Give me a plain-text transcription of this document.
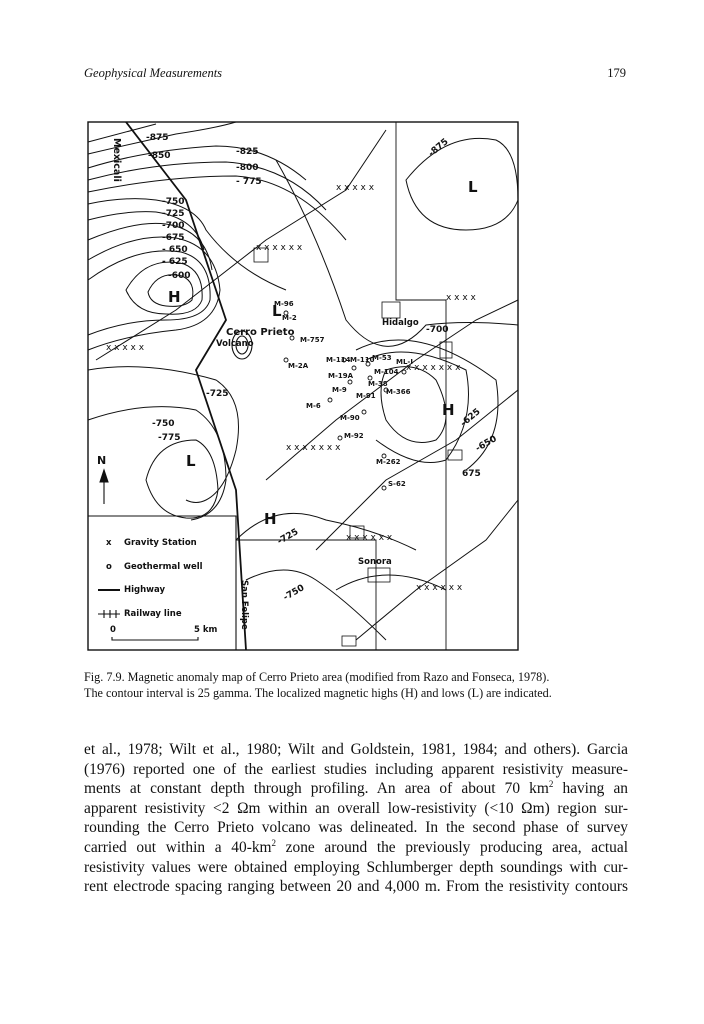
Geophysical Measurements	179
x x x x x
x x x x x x
x x x x x
x x x x x x x
x x x x x x x
x x x x x x
x x x x x x
x x x x
x Gravity Station
o Geothermal well
Highway
Railway line
0	5 km
N
-875
-850	-825
-800
- 775
-750
-725
-700
-675
- 650
- 625
-600
-725
-750
-775
-700
-875
-625
-650
675
-725
-750
H
H
H
L
L
L
Mexicali
Cerro Prieto
Volcano
Hidalgo
Sonora
San Felipe
M-96
M-2
M-757
M-2A
M-114 M-110
M-53 ML-I
M-104
M-19A
M-38
M-366
M-9
M-6
M-91
M-90
M-92
M-262
S-62
Fig. 7.9. Magnetic anomaly map of Cerro Prieto area (modified from Razo and Fonseca, 1978).
The contour interval is 25 gamma. The localized magnetic highs (H) and lows (L) are indicated.
et al., 1978; Wilt et al., 1980; Wilt and Goldstein, 1981, 1984; and others). Garcia
(1976) reported one of the earliest studies including apparent resistivity measure-
ments at constant depth through profiling. An area of about 70 $km^2$ having an
apparent resistivity <2 Ωm within an overall low-resistivity (<10 Ωm) region sur-
rounding the Cerro Prieto volcano was delineated. In the second phase of survey
carried out within a $40-km^2$ zone around the previously producing area, actual
resistivity values were obtained employing Schlumberger depth soundings with cur-
rent electrode spacing ranging between 20 and 4,000 m. From the resistivity contours
